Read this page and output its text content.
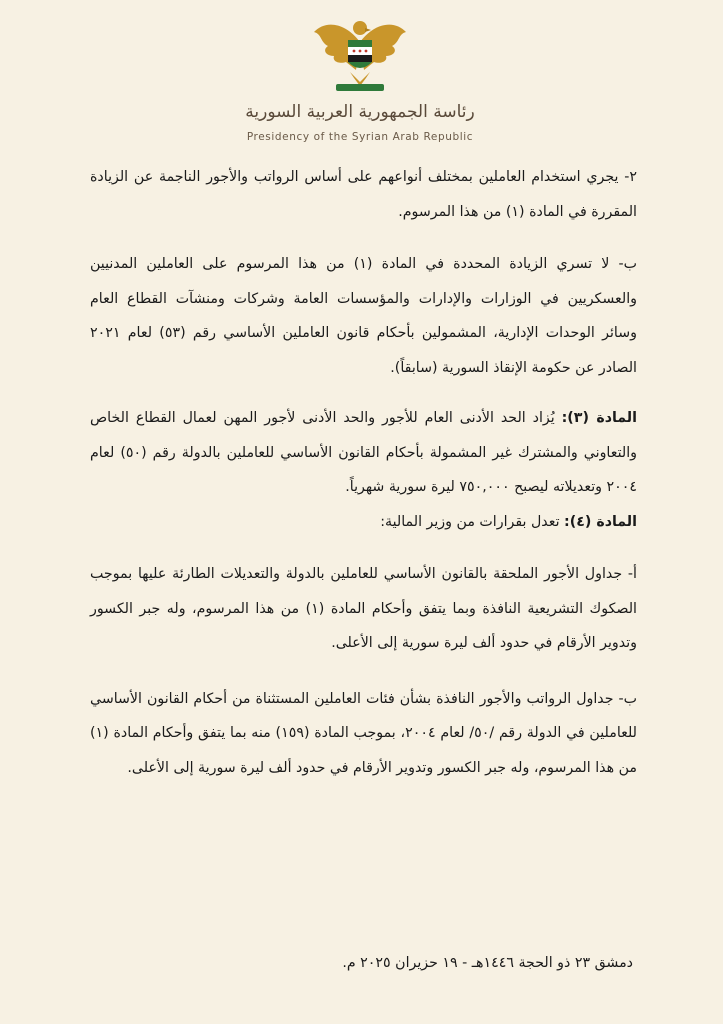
رئاسة الجمهورية العربية السورية
Presidency of the Syrian Arab Republic

٢- يجري استخدام العاملين بمختلف أنواعهم على أساس الرواتب والأجور الناجمة عن الزيادة المقررة في المادة (١) من هذا المرسوم.

ب- لا تسري الزيادة المحددة في المادة (١) من هذا المرسوم على العاملين المدنيين والعسكريين في الوزارات والإدارات والمؤسسات العامة وشركات ومنشآت القطاع العام وسائر الوحدات الإدارية، المشمولين بأحكام قانون العاملين الأساسي رقم (٥٣) لعام ٢٠٢١ الصادر عن حكومة الإنقاذ السورية (سابقاً).

المادة (٣): يُزاد الحد الأدنى العام للأجور والحد الأدنى لأجور المهن لعمال القطاع الخاص والتعاوني والمشترك غير المشمولة بأحكام القانون الأساسي للعاملين بالدولة رقم (٥٠) لعام ٢٠٠٤ وتعديلاته ليصبح ٧٥٠,٠٠٠ ليرة سورية شهرياً.

المادة (٤): تعدل بقرارات من وزير المالية:

أ- جداول الأجور الملحقة بالقانون الأساسي للعاملين بالدولة والتعديلات الطارئة عليها بموجب الصكوك التشريعية النافذة وبما يتفق وأحكام المادة (١) من هذا المرسوم، وله جبر الكسور وتدوير الأرقام في حدود ألف ليرة سورية إلى الأعلى.

ب- جداول الرواتب والأجور النافذة بشأن فئات العاملين المستثناة من أحكام القانون الأساسي للعاملين في الدولة رقم /٥٠/ لعام ٢٠٠٤، بموجب المادة (١٥٩) منه بما يتفق وأحكام المادة (١) من هذا المرسوم، وله جبر الكسور وتدوير الأرقام في حدود ألف ليرة سورية إلى الأعلى.

دمشق ٢٣ ذو الحجة ١٤٤٦هـ - ١٩ حزيران ٢٠٢٥ م.
